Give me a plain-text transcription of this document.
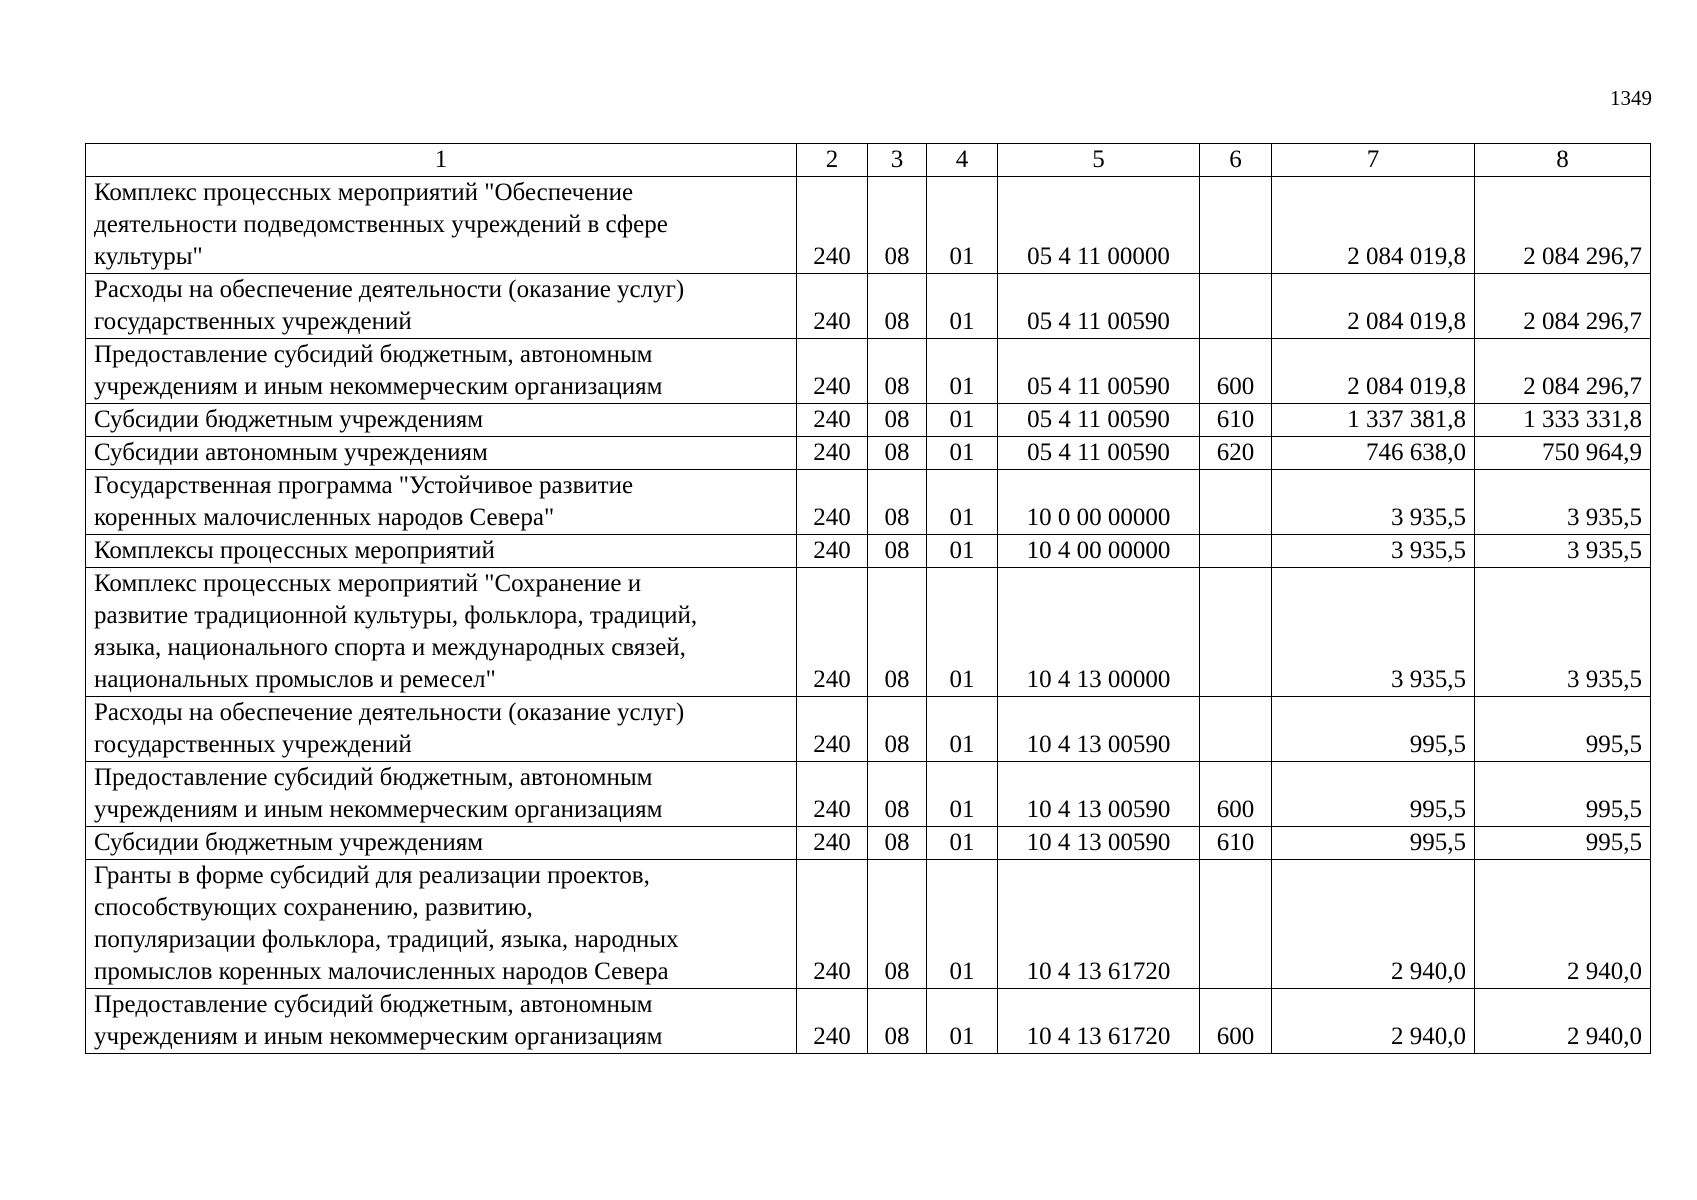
1349
1	2	3	4	5	6	7	8

Комплекс процессных мероприятий "Обеспечение
деятельности подведомственных учреждений в сфере
культуры"	240	08	01	05 4 11 00000		2 084 019,8	2 084 296,7

Расходы на обеспечение деятельности (оказание услуг)
государственных учреждений	240	08	01	05 4 11 00590		2 084 019,8	2 084 296,7

Предоставление субсидий бюджетным, автономным
учреждениям и иным некоммерческим организациям	240	08	01	05 4 11 00590	600	2 084 019,8	2 084 296,7

Субсидии бюджетным учреждениям	240	08	01	05 4 11 00590	610	1 337 381,8	1 333 331,8

Субсидии автономным учреждениям	240	08	01	05 4 11 00590	620	746 638,0	750 964,9

Государственная программа "Устойчивое развитие
коренных малочисленных народов Севера"	240	08	01	10 0 00 00000		3 935,5	3 935,5

Комплексы процессных мероприятий	240	08	01	10 4 00 00000		3 935,5	3 935,5

Комплекс процессных мероприятий "Сохранение и
развитие традиционной культуры, фольклора, традиций,
языка, национального спорта и международных связей,
национальных промыслов и ремесел"	240	08	01	10 4 13 00000		3 935,5	3 935,5

Расходы на обеспечение деятельности (оказание услуг)
государственных учреждений	240	08	01	10 4 13 00590		995,5	995,5

Предоставление субсидий бюджетным, автономным
учреждениям и иным некоммерческим организациям	240	08	01	10 4 13 00590	600	995,5	995,5

Субсидии бюджетным учреждениям	240	08	01	10 4 13 00590	610	995,5	995,5

Гранты в форме субсидий для реализации проектов,
способствующих сохранению, развитию,
популяризации фольклора, традиций, языка, народных
промыслов коренных малочисленных народов Севера	240	08	01	10 4 13 61720		2 940,0	2 940,0

Предоставление субсидий бюджетным, автономным
учреждениям и иным некоммерческим организациям	240	08	01	10 4 13 61720	600	2 940,0	2 940,0
